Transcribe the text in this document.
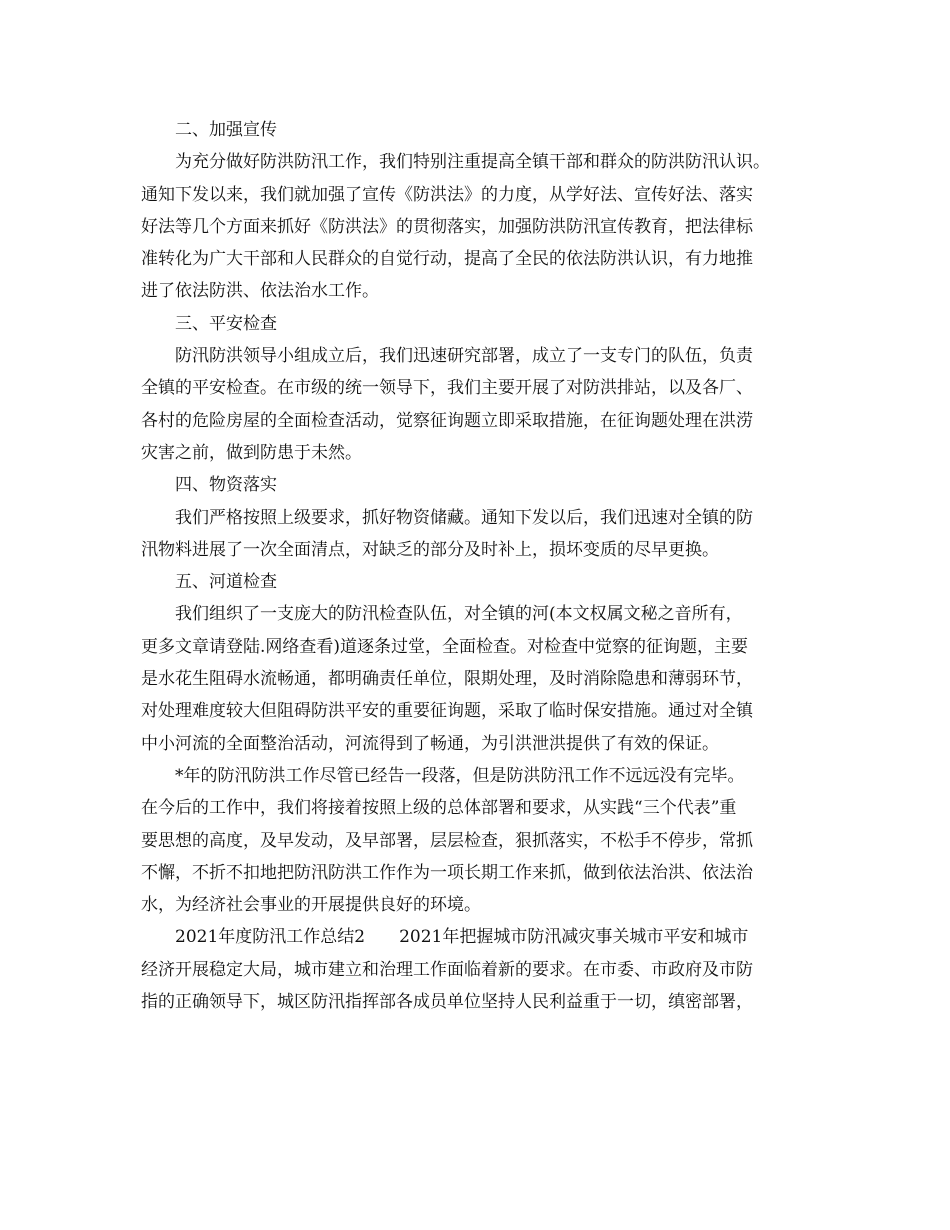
二、加强宣传
为充分做好防洪防汛工作，我们特别注重提高全镇干部和群众的防洪防汛认识。
通知下发以来，我们就加强了宣传《防洪法》的力度，从学好法、宣传好法、落实
好法等几个方面来抓好《防洪法》的贯彻落实，加强防洪防汛宣传教育，把法律标
准转化为广大干部和人民群众的自觉行动，提高了全民的依法防洪认识，有力地推
进了依法防洪、依法治水工作。
三、平安检查
防汛防洪领导小组成立后，我们迅速研究部署，成立了一支专门的队伍，负责
全镇的平安检查。在市级的统一领导下，我们主要开展了对防洪排站，以及各厂、
各村的危险房屋的全面检查活动，觉察征询题立即采取措施，在征询题处理在洪涝
灾害之前，做到防患于未然。
四、物资落实
我们严格按照上级要求，抓好物资储藏。通知下发以后，我们迅速对全镇的防
汛物料进展了一次全面清点，对缺乏的部分及时补上，损坏变质的尽早更换。
五、河道检查
我们组织了一支庞大的防汛检查队伍，对全镇的河(本文权属文秘之音所有，
更多文章请登陆.网络查看)道逐条过堂，全面检查。对检查中觉察的征询题，主要
是水花生阻碍水流畅通，都明确责任单位，限期处理，及时消除隐患和薄弱环节，
对处理难度较大但阻碍防洪平安的重要征询题，采取了临时保安措施。通过对全镇
中小河流的全面整治活动，河流得到了畅通，为引洪泄洪提供了有效的保证。
*年的防汛防洪工作尽管已经告一段落，但是防洪防汛工作不远远没有完毕。
在今后的工作中，我们将接着按照上级的总体部署和要求，从实践“三个代表”重
要思想的高度，及早发动，及早部署，层层检查，狠抓落实，不松手不停步，常抓
不懈，不折不扣地把防汛防洪工作作为一项长期工作来抓，做到依法治洪、依法治
水，为经济社会事业的开展提供良好的环境。
2021年度防汛工作总结2 2021年把握城市防汛减灾事关城市平安和城市
经济开展稳定大局，城市建立和治理工作面临着新的要求。在市委、市政府及市防
指的正确领导下，城区防汛指挥部各成员单位坚持人民利益重于一切，缜密部署，
